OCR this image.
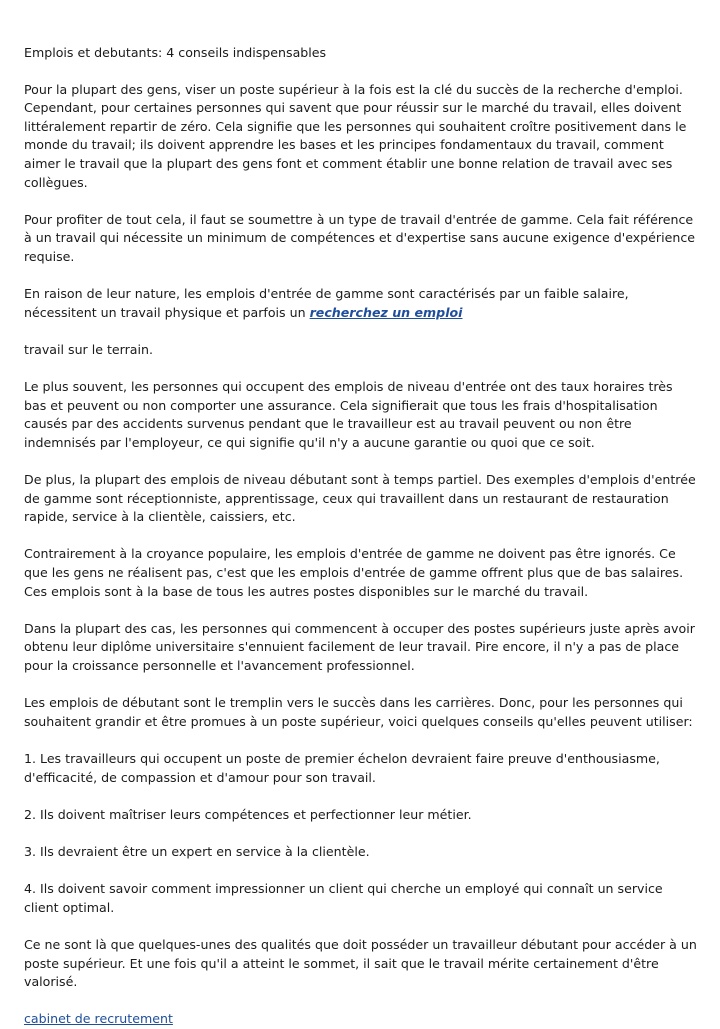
Emplois et debutants: 4 conseils indispensables

Pour la plupart des gens, viser un poste supérieur à la fois est la clé du succès de la recherche d'emploi. Cependant, pour certaines personnes qui savent que pour réussir sur le marché du travail, elles doivent littéralement repartir de zéro. Cela signifie que les personnes qui souhaitent croître positivement dans le monde du travail; ils doivent apprendre les bases et les principes fondamentaux du travail, comment aimer le travail que la plupart des gens font et comment établir une bonne relation de travail avec ses collègues.

Pour profiter de tout cela, il faut se soumettre à un type de travail d'entrée de gamme. Cela fait référence à un travail qui nécessite un minimum de compétences et d'expertise sans aucune exigence d'expérience requise.

En raison de leur nature, les emplois d'entrée de gamme sont caractérisés par un faible salaire, nécessitent un travail physique et parfois un recherchez un emploi

travail sur le terrain.

Le plus souvent, les personnes qui occupent des emplois de niveau d'entrée ont des taux horaires très bas et peuvent ou non comporter une assurance. Cela signifierait que tous les frais d'hospitalisation causés par des accidents survenus pendant que le travailleur est au travail peuvent ou non être indemnisés par l'employeur, ce qui signifie qu'il n'y a aucune garantie ou quoi que ce soit.

De plus, la plupart des emplois de niveau débutant sont à temps partiel. Des exemples d'emplois d'entrée de gamme sont réceptionniste, apprentissage, ceux qui travaillent dans un restaurant de restauration rapide, service à la clientèle, caissiers, etc.

Contrairement à la croyance populaire, les emplois d'entrée de gamme ne doivent pas être ignorés. Ce que les gens ne réalisent pas, c'est que les emplois d'entrée de gamme offrent plus que de bas salaires. Ces emplois sont à la base de tous les autres postes disponibles sur le marché du travail.

Dans la plupart des cas, les personnes qui commencent à occuper des postes supérieurs juste après avoir obtenu leur diplôme universitaire s'ennuient facilement de leur travail. Pire encore, il n'y a pas de place pour la croissance personnelle et l'avancement professionnel.

Les emplois de débutant sont le tremplin vers le succès dans les carrières. Donc, pour les personnes qui souhaitent grandir et être promues à un poste supérieur, voici quelques conseils qu'elles peuvent utiliser:

1. Les travailleurs qui occupent un poste de premier échelon devraient faire preuve d'enthousiasme, d'efficacité, de compassion et d'amour pour son travail.

2. Ils doivent maîtriser leurs compétences et perfectionner leur métier.

3. Ils devraient être un expert en service à la clientèle.

4. Ils doivent savoir comment impressionner un client qui cherche un employé qui connaît un service client optimal.

Ce ne sont là que quelques-unes des qualités que doit posséder un travailleur débutant pour accéder à un poste supérieur. Et une fois qu'il a atteint le sommet, il sait que le travail mérite certainement d'être valorisé.

cabinet de recrutement
